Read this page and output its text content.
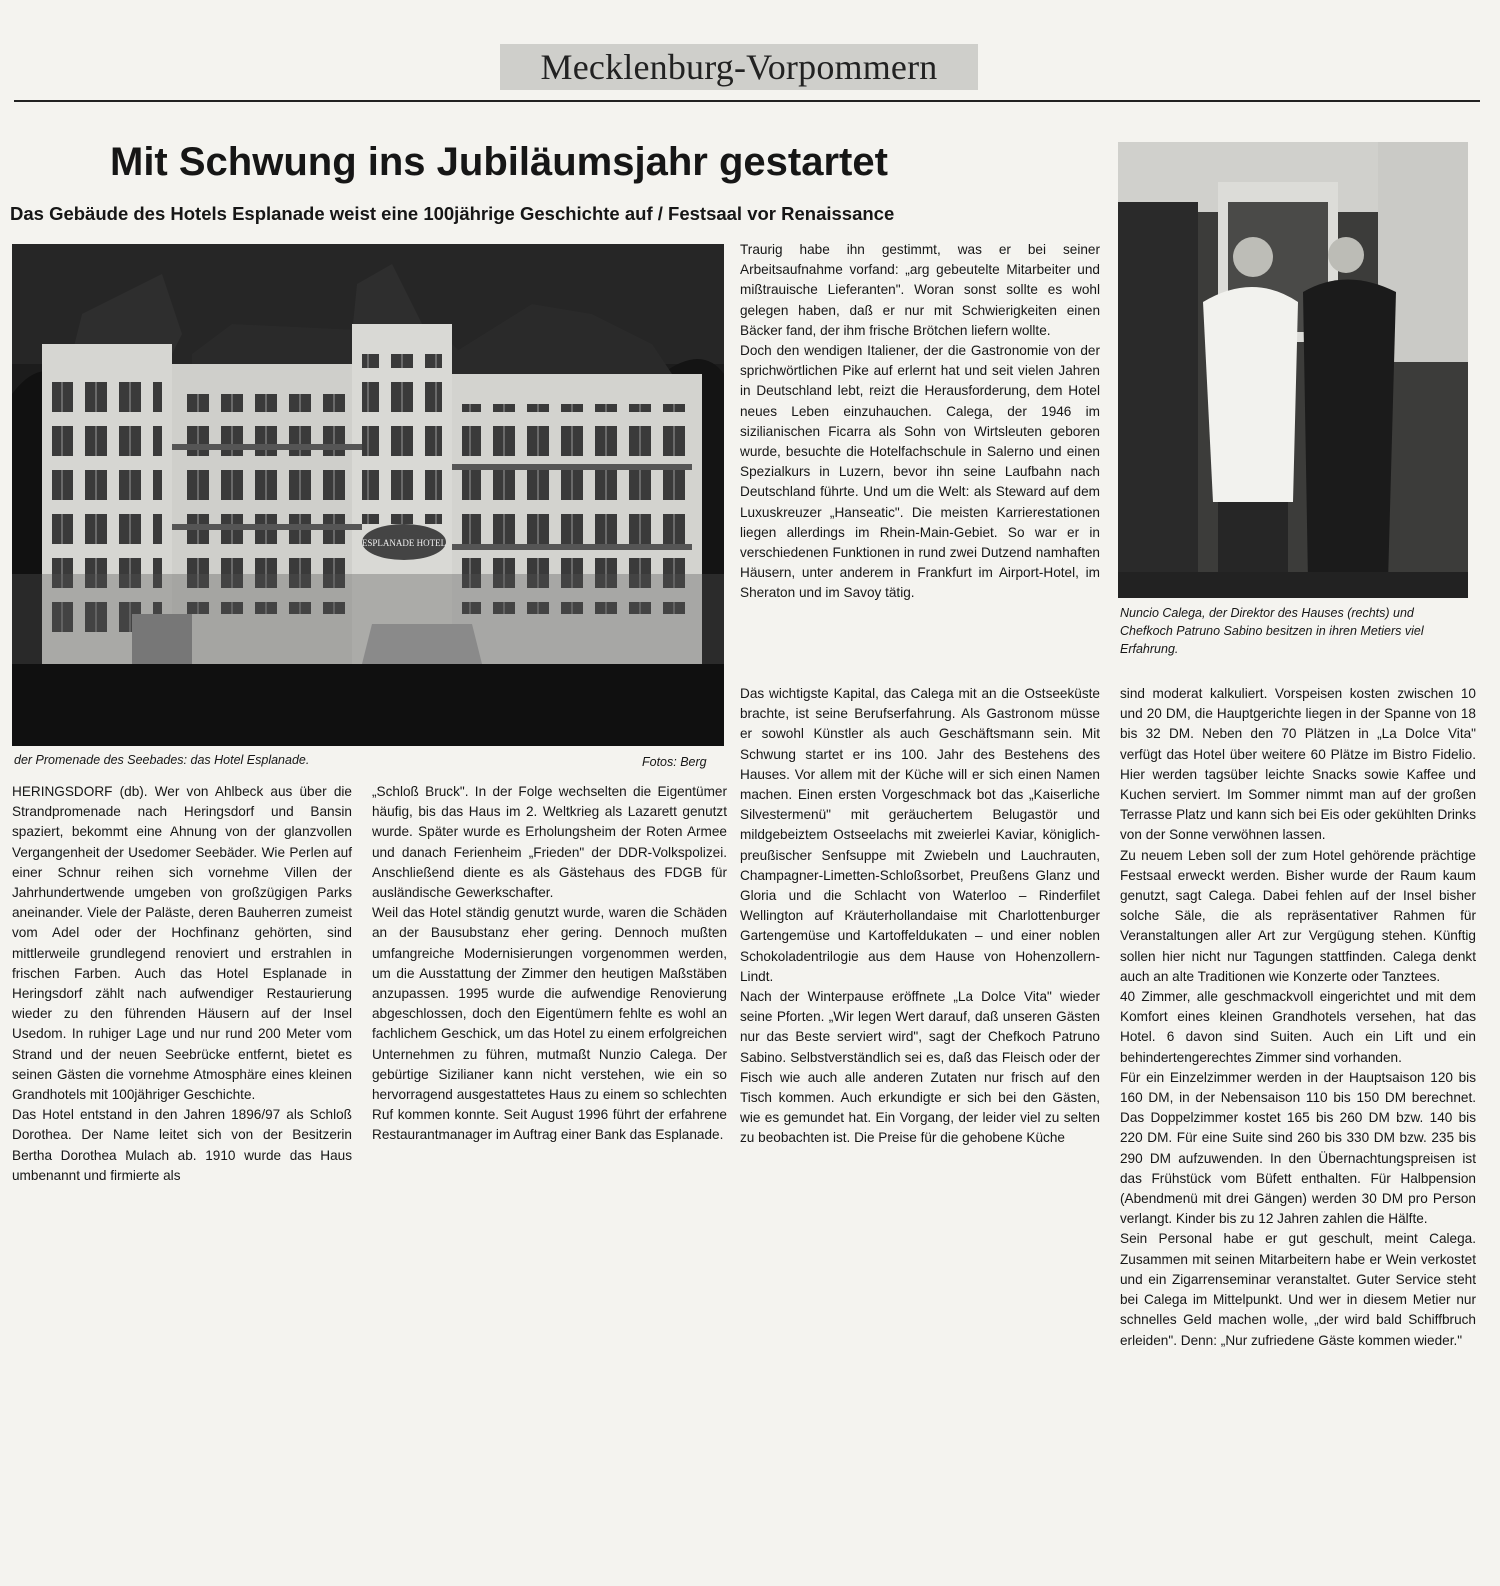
Mecklenburg-Vorpommern
Mit Schwung ins Jubiläumsjahr gestartet
Das Gebäude des Hotels Esplanade weist eine 100jährige Geschichte auf / Festsaal vor Renaissance
ESPLANADE HOTEL
der Promenade des Seebades: das Hotel Esplanade.	Fotos: Berg
Nuncio Calega, der Direktor des Hauses (rechts) und Chefkoch Patruno Sabino besitzen in ihren Metiers viel Erfahrung.

HERINGSDORF (db). Wer von Ahlbeck aus über die Strandpromenade nach Heringsdorf und Bansin spaziert, bekommt eine Ahnung von der glanzvollen Vergangenheit der Usedomer Seebäder. Wie Perlen auf einer Schnur reihen sich vornehme Villen der Jahrhundertwende umgeben von großzügigen Parks aneinander. Viele der Paläste, deren Bauherren zumeist vom Adel oder der Hochfinanz gehörten, sind mittlerweile grundlegend renoviert und erstrahlen in frischen Farben. Auch das Hotel Esplanade in Heringsdorf zählt nach aufwendiger Restaurierung wieder zu den führenden Häusern auf der Insel Usedom. In ruhiger Lage und nur rund 200 Meter vom Strand und der neuen Seebrücke entfernt, bietet es seinen Gästen die vornehme Atmosphäre eines kleinen Grandhotels mit 100jähriger Geschichte.

Das Hotel entstand in den Jahren 1896/97 als Schloß Dorothea. Der Name leitet sich von der Besitzerin Bertha Dorothea Mulach ab. 1910 wurde das Haus umbenannt und firmierte als

„Schloß Bruck". In der Folge wechselten die Eigentümer häufig, bis das Haus im 2. Weltkrieg als Lazarett genutzt wurde. Später wurde es Erholungsheim der Roten Armee und danach Ferienheim „Frieden" der DDR-Volkspolizei. Anschließend diente es als Gästehaus des FDGB für ausländische Gewerkschafter.

Weil das Hotel ständig genutzt wurde, waren die Schäden an der Bausubstanz eher gering. Dennoch mußten umfangreiche Modernisierungen vorgenommen werden, um die Ausstattung der Zimmer den heutigen Maßstäben anzupassen. 1995 wurde die aufwendige Renovierung abgeschlossen, doch den Eigentümern fehlte es wohl an fachlichem Geschick, um das Hotel zu einem erfolgreichen Unternehmen zu führen, mutmaßt Nunzio Calega. Der gebürtige Sizilianer kann nicht verstehen, wie ein so hervorragend ausgestattetes Haus zu einem so schlechten Ruf kommen konnte. Seit August 1996 führt der erfahrene Restaurantmanager im Auftrag einer Bank das Esplanade.

Traurig habe ihn gestimmt, was er bei seiner Arbeitsaufnahme vorfand: „arg gebeutelte Mitarbeiter und mißtrauische Lieferanten". Woran sonst sollte es wohl gelegen haben, daß er nur mit Schwierigkeiten einen Bäcker fand, der ihm frische Brötchen liefern wollte.

Doch den wendigen Italiener, der die Gastronomie von der sprichwörtlichen Pike auf erlernt hat und seit vielen Jahren in Deutschland lebt, reizt die Herausforderung, dem Hotel neues Leben einzuhauchen. Calega, der 1946 im sizilianischen Ficarra als Sohn von Wirtsleuten geboren wurde, besuchte die Hotelfachschule in Salerno und einen Spezialkurs in Luzern, bevor ihn seine Laufbahn nach Deutschland führte. Und um die Welt: als Steward auf dem Luxuskreuzer „Hanseatic". Die meisten Karrierestationen liegen allerdings im Rhein-Main-Gebiet. So war er in verschiedenen Funktionen in rund zwei Dutzend namhaften Häusern, unter anderem in Frankfurt im Airport-Hotel, im Sheraton und im Savoy tätig.

Das wichtigste Kapital, das Calega mit an die Ostseeküste brachte, ist seine Berufserfahrung. Als Gastronom müsse er sowohl Künstler als auch Geschäftsmann sein. Mit Schwung startet er ins 100. Jahr des Bestehens des Hauses. Vor allem mit der Küche will er sich einen Namen machen. Einen ersten Vorgeschmack bot das „Kaiserliche Silvestermenü" mit geräuchertem Belugastör und mildgebeiztem Ostseelachs mit zweierlei Kaviar, königlich-preußischer Senfsuppe mit Zwiebeln und Lauchrauten, Champagner-Limetten-Schloßsorbet, Preußens Glanz und Gloria und die Schlacht von Waterloo – Rinderfilet Wellington auf Kräuterhollandaise mit Charlottenburger Gartengemüse und Kartoffeldukaten – und einer noblen Schokoladentrilogie aus dem Hause von Hohenzollern-Lindt.

Nach der Winterpause eröffnete „La Dolce Vita" wieder seine Pforten. „Wir legen Wert darauf, daß unseren Gästen nur das Beste serviert wird", sagt der Chefkoch Patruno Sabino. Selbstverständlich sei es, daß das Fleisch oder der Fisch wie auch alle anderen Zutaten nur frisch auf den Tisch kommen. Auch erkundigte er sich bei den Gästen, wie es gemundet hat. Ein Vorgang, der leider viel zu selten zu beobachten ist. Die Preise für die gehobene Küche

sind moderat kalkuliert. Vorspeisen kosten zwischen 10 und 20 DM, die Hauptgerichte liegen in der Spanne von 18 bis 32 DM. Neben den 70 Plätzen in „La Dolce Vita" verfügt das Hotel über weitere 60 Plätze im Bistro Fidelio. Hier werden tagsüber leichte Snacks sowie Kaffee und Kuchen serviert. Im Sommer nimmt man auf der großen Terrasse Platz und kann sich bei Eis oder gekühlten Drinks von der Sonne verwöhnen lassen.

Zu neuem Leben soll der zum Hotel gehörende prächtige Festsaal erweckt werden. Bisher wurde der Raum kaum genutzt, sagt Calega. Dabei fehlen auf der Insel bisher solche Säle, die als repräsentativer Rahmen für Veranstaltungen aller Art zur Vergügung stehen. Künftig sollen hier nicht nur Tagungen stattfinden. Calega denkt auch an alte Traditionen wie Konzerte oder Tanztees.

40 Zimmer, alle geschmackvoll eingerichtet und mit dem Komfort eines kleinen Grandhotels versehen, hat das Hotel. 6 davon sind Suiten. Auch ein Lift und ein behindertengerechtes Zimmer sind vorhanden.

Für ein Einzelzimmer werden in der Hauptsaison 120 bis 160 DM, in der Nebensaison 110 bis 150 DM berechnet. Das Doppelzimmer kostet 165 bis 260 DM bzw. 140 bis 220 DM. Für eine Suite sind 260 bis 330 DM bzw. 235 bis 290 DM aufzuwenden. In den Übernachtungspreisen ist das Frühstück vom Büfett enthalten. Für Halbpension (Abendmenü mit drei Gängen) werden 30 DM pro Person verlangt. Kinder bis zu 12 Jahren zahlen die Hälfte.

Sein Personal habe er gut geschult, meint Calega. Zusammen mit seinen Mitarbeitern habe er Wein verkostet und ein Zigarrenseminar veranstaltet. Guter Service steht bei Calega im Mittelpunkt. Und wer in diesem Metier nur schnelles Geld machen wolle, „der wird bald Schiffbruch erleiden". Denn: „Nur zufriedene Gäste kommen wieder."
